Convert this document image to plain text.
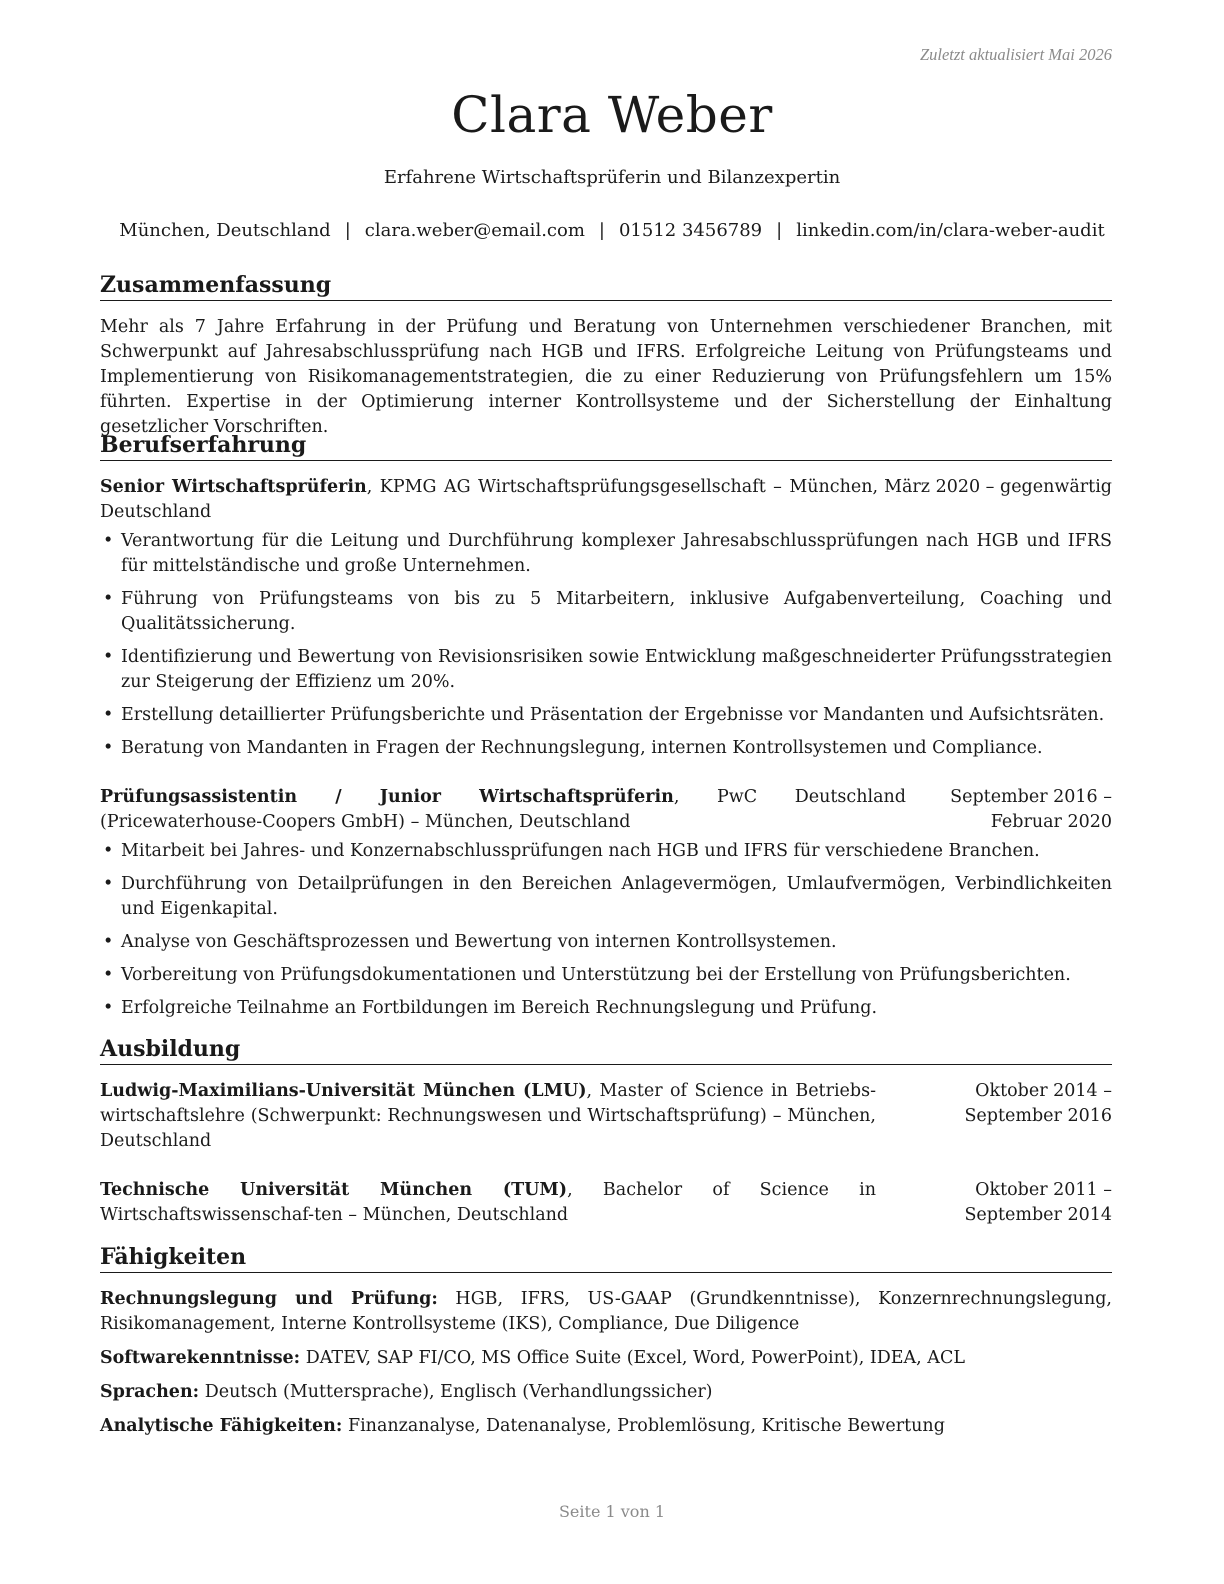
Zuletzt aktualisiert Mai 2026
Clara Weber
Erfahrene Wirtschaftsprüferin und Bilanzexpertin
München, Deutschland | clara.weber@email.com | 01512 3456789 | linkedin.com/in/clara-weber-audit
Zusammenfassung

Mehr als 7 Jahre Erfahrung in der Prüfung und Beratung von Unternehmen verschiedener Branchen, mit Schwerpunkt auf Jahresabschlussprüfung nach HGB und IFRS. Erfolgreiche Leitung von Prüfungsteams und Implementierung von Risikomanagementstrategien, die zu einer Reduzierung von Prüfungsfehlern um 15% führten. Expertise in der Optimierung interner Kontrollsysteme und der Sicherstellung der Einhaltung gesetzlicher Vorschriften.

Berufserfahrung
Senior Wirtschaftsprüferin, KPMG AG Wirtschaftsprüfungsgesellschaft – München, Deutschland
März 2020 – gegenwärtig
• Verantwortung für die Leitung und Durchführung komplexer Jahresabschlussprüfungen nach HGB und IFRS für mittelständische und große Unternehmen.
• Führung von Prüfungsteams von bis zu 5 Mitarbeitern, inklusive Aufgabenverteilung, Coaching und Qualitätssicherung.
• Identifizierung und Bewertung von Revisionsrisiken sowie Entwicklung maßgeschneiderter Prüfungsstrategien zur Steigerung der Effizienz um 20%.
• Erstellung detaillierter Prüfungsberichte und Präsentation der Ergebnisse vor Mandanten und Aufsichtsräten.
• Beratung von Mandanten in Fragen der Rechnungslegung, internen Kontrollsystemen und Compliance.
Prüfungsassistentin / Junior Wirtschaftsprüferin, PwC Deutschland (Pricewaterhouse-Coopers GmbH) – München, Deutschland
September 2016 – Februar 2020
• Mitarbeit bei Jahres- und Konzernabschlussprüfungen nach HGB und IFRS für verschiedene Branchen.
• Durchführung von Detailprüfungen in den Bereichen Anlagevermögen, Umlaufvermögen, Verbindlichkeiten und Eigenkapital.
• Analyse von Geschäftsprozessen und Bewertung von internen Kontrollsystemen.
• Vorbereitung von Prüfungsdokumentationen und Unterstützung bei der Erstellung von Prüfungsberichten.
• Erfolgreiche Teilnahme an Fortbildungen im Bereich Rechnungslegung und Prüfung.
Ausbildung
Ludwig-Maximilians-Universität München (LMU), Master of Science in Betriebs-wirtschaftslehre (Schwerpunkt: Rechnungswesen und Wirtschaftsprüfung) – München, Deutschland
Oktober 2014 – September 2016
Technische Universität München (TUM), Bachelor of Science in Wirtschaftswissenschaf-ten – München, Deutschland
Oktober 2011 – September 2014
Fähigkeiten
Rechnungslegung und Prüfung: HGB, IFRS, US-GAAP (Grundkenntnisse), Konzernrechnungslegung, Risikomanagement, Interne Kontrollsysteme (IKS), Compliance, Due Diligence
Softwarekenntnisse: DATEV, SAP FI/CO, MS Office Suite (Excel, Word, PowerPoint), IDEA, ACL
Sprachen: Deutsch (Muttersprache), Englisch (Verhandlungssicher)
Analytische Fähigkeiten: Finanzanalyse, Datenanalyse, Problemlösung, Kritische Bewertung
Seite 1 von 1
